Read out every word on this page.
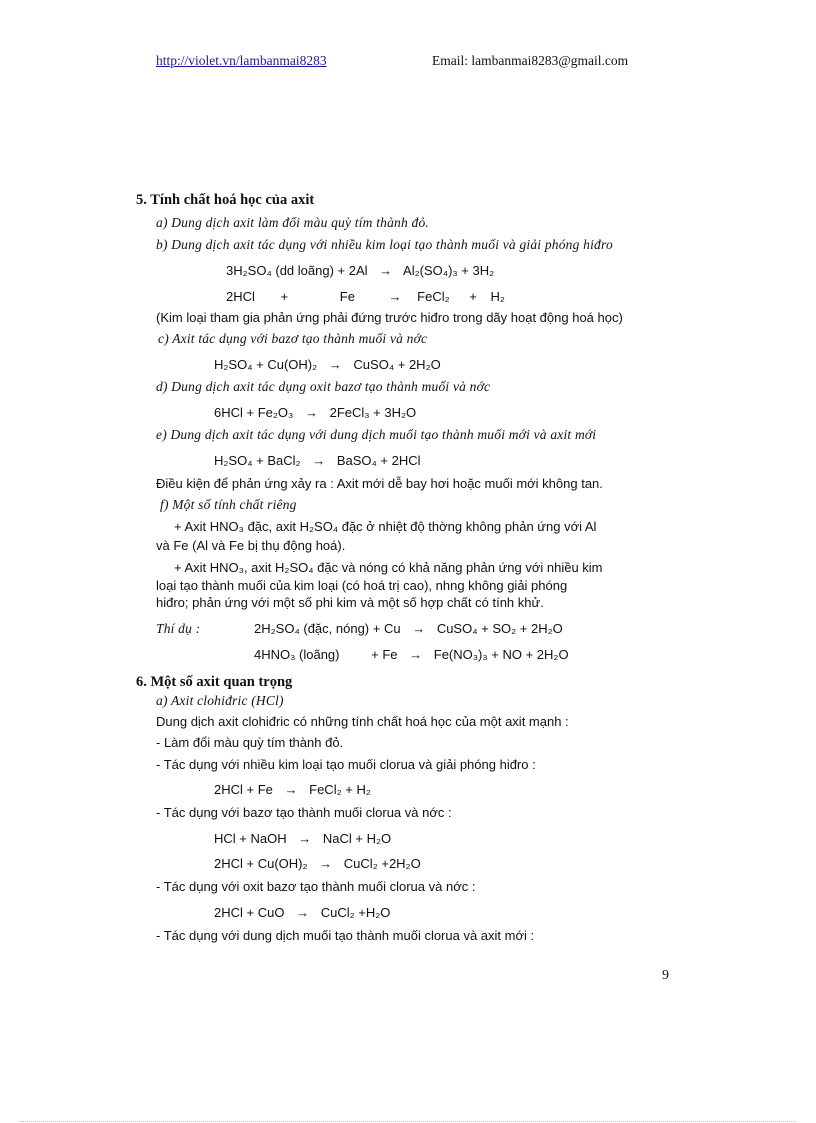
http://violet.vn/lambanmai8283	Email: lambanmai8283@gmail.com
5. Tính chất hoá học của axit
a) Dung dịch axit làm đổi màu quỳ tím thành đỏ.
b) Dung dịch axit tác dụng với nhiều kim loại tạo thành muối và giải phóng hiđro
3H₂SO₄ (dd loãng) + 2Al → Al₂(SO₄)₃ + 3H₂
2HCl +	Fe	→ FeCl₂ + H₂
(Kim loại tham gia phản ứng phải đứng trước hiđro trong dãy hoạt động hoá học)
c) Axit tác dụng với bazơ tạo thành muối và nớc
H₂SO₄ + Cu(OH)₂ → CuSO₄ + 2H₂O
d) Dung dịch axit tác dụng oxit bazơ tạo thành muối và nớc
6HCl + Fe₂O₃ → 2FeCl₃ + 3H₂O
e) Dung dịch axit tác dụng với dung dịch muối tạo thành muối mới và axit mới
H₂SO₄ + BaCl₂ → BaSO₄ + 2HCl
Điều kiện để phản ứng xảy ra : Axit mới dễ bay hơi hoặc muối mới không tan.
f) Một số tính chất riêng
+ Axit HNO₃ đặc, axit H₂SO₄ đặc ở nhiệt độ thờng không phản ứng với Al
và Fe (Al và Fe bị thụ động hoá).
+ Axit HNO₃, axit H₂SO₄ đặc và nóng có khả năng phản ứng với nhiều kim
loại tạo thành muối của kim loại (có hoá trị cao), nhng không giải phóng
hiđro; phản ứng với một số phi kim và một số hợp chất có tính khử.
Thí dụ :	2H₂SO₄ (đặc, nóng) + Cu → CuSO₄ + SO₂ + 2H₂O
4HNO₃ (loãng) + Fe → Fe(NO₃)₃ + NO + 2H₂O
6. Một số axit quan trọng
a) Axit clohiđric (HCl)
Dung dịch axit clohiđric có những tính chất hoá học của một axit mạnh :
- Làm đổi màu quỳ tím thành đỏ.
- Tác dụng với nhiều kim loại tạo muối clorua và giải phóng hiđro :
2HCl + Fe → FeCl₂ + H₂
- Tác dụng với bazơ tạo thành muối clorua và nớc :
HCl + NaOH → NaCl + H₂O
2HCl + Cu(OH)₂ → CuCl₂ +2H₂O
- Tác dụng với oxit bazơ tạo thành muối clorua và nớc :
2HCl + CuO → CuCl₂ +H₂O
- Tác dụng với dung dịch muối tạo thành muối clorua và axit mới :
9
